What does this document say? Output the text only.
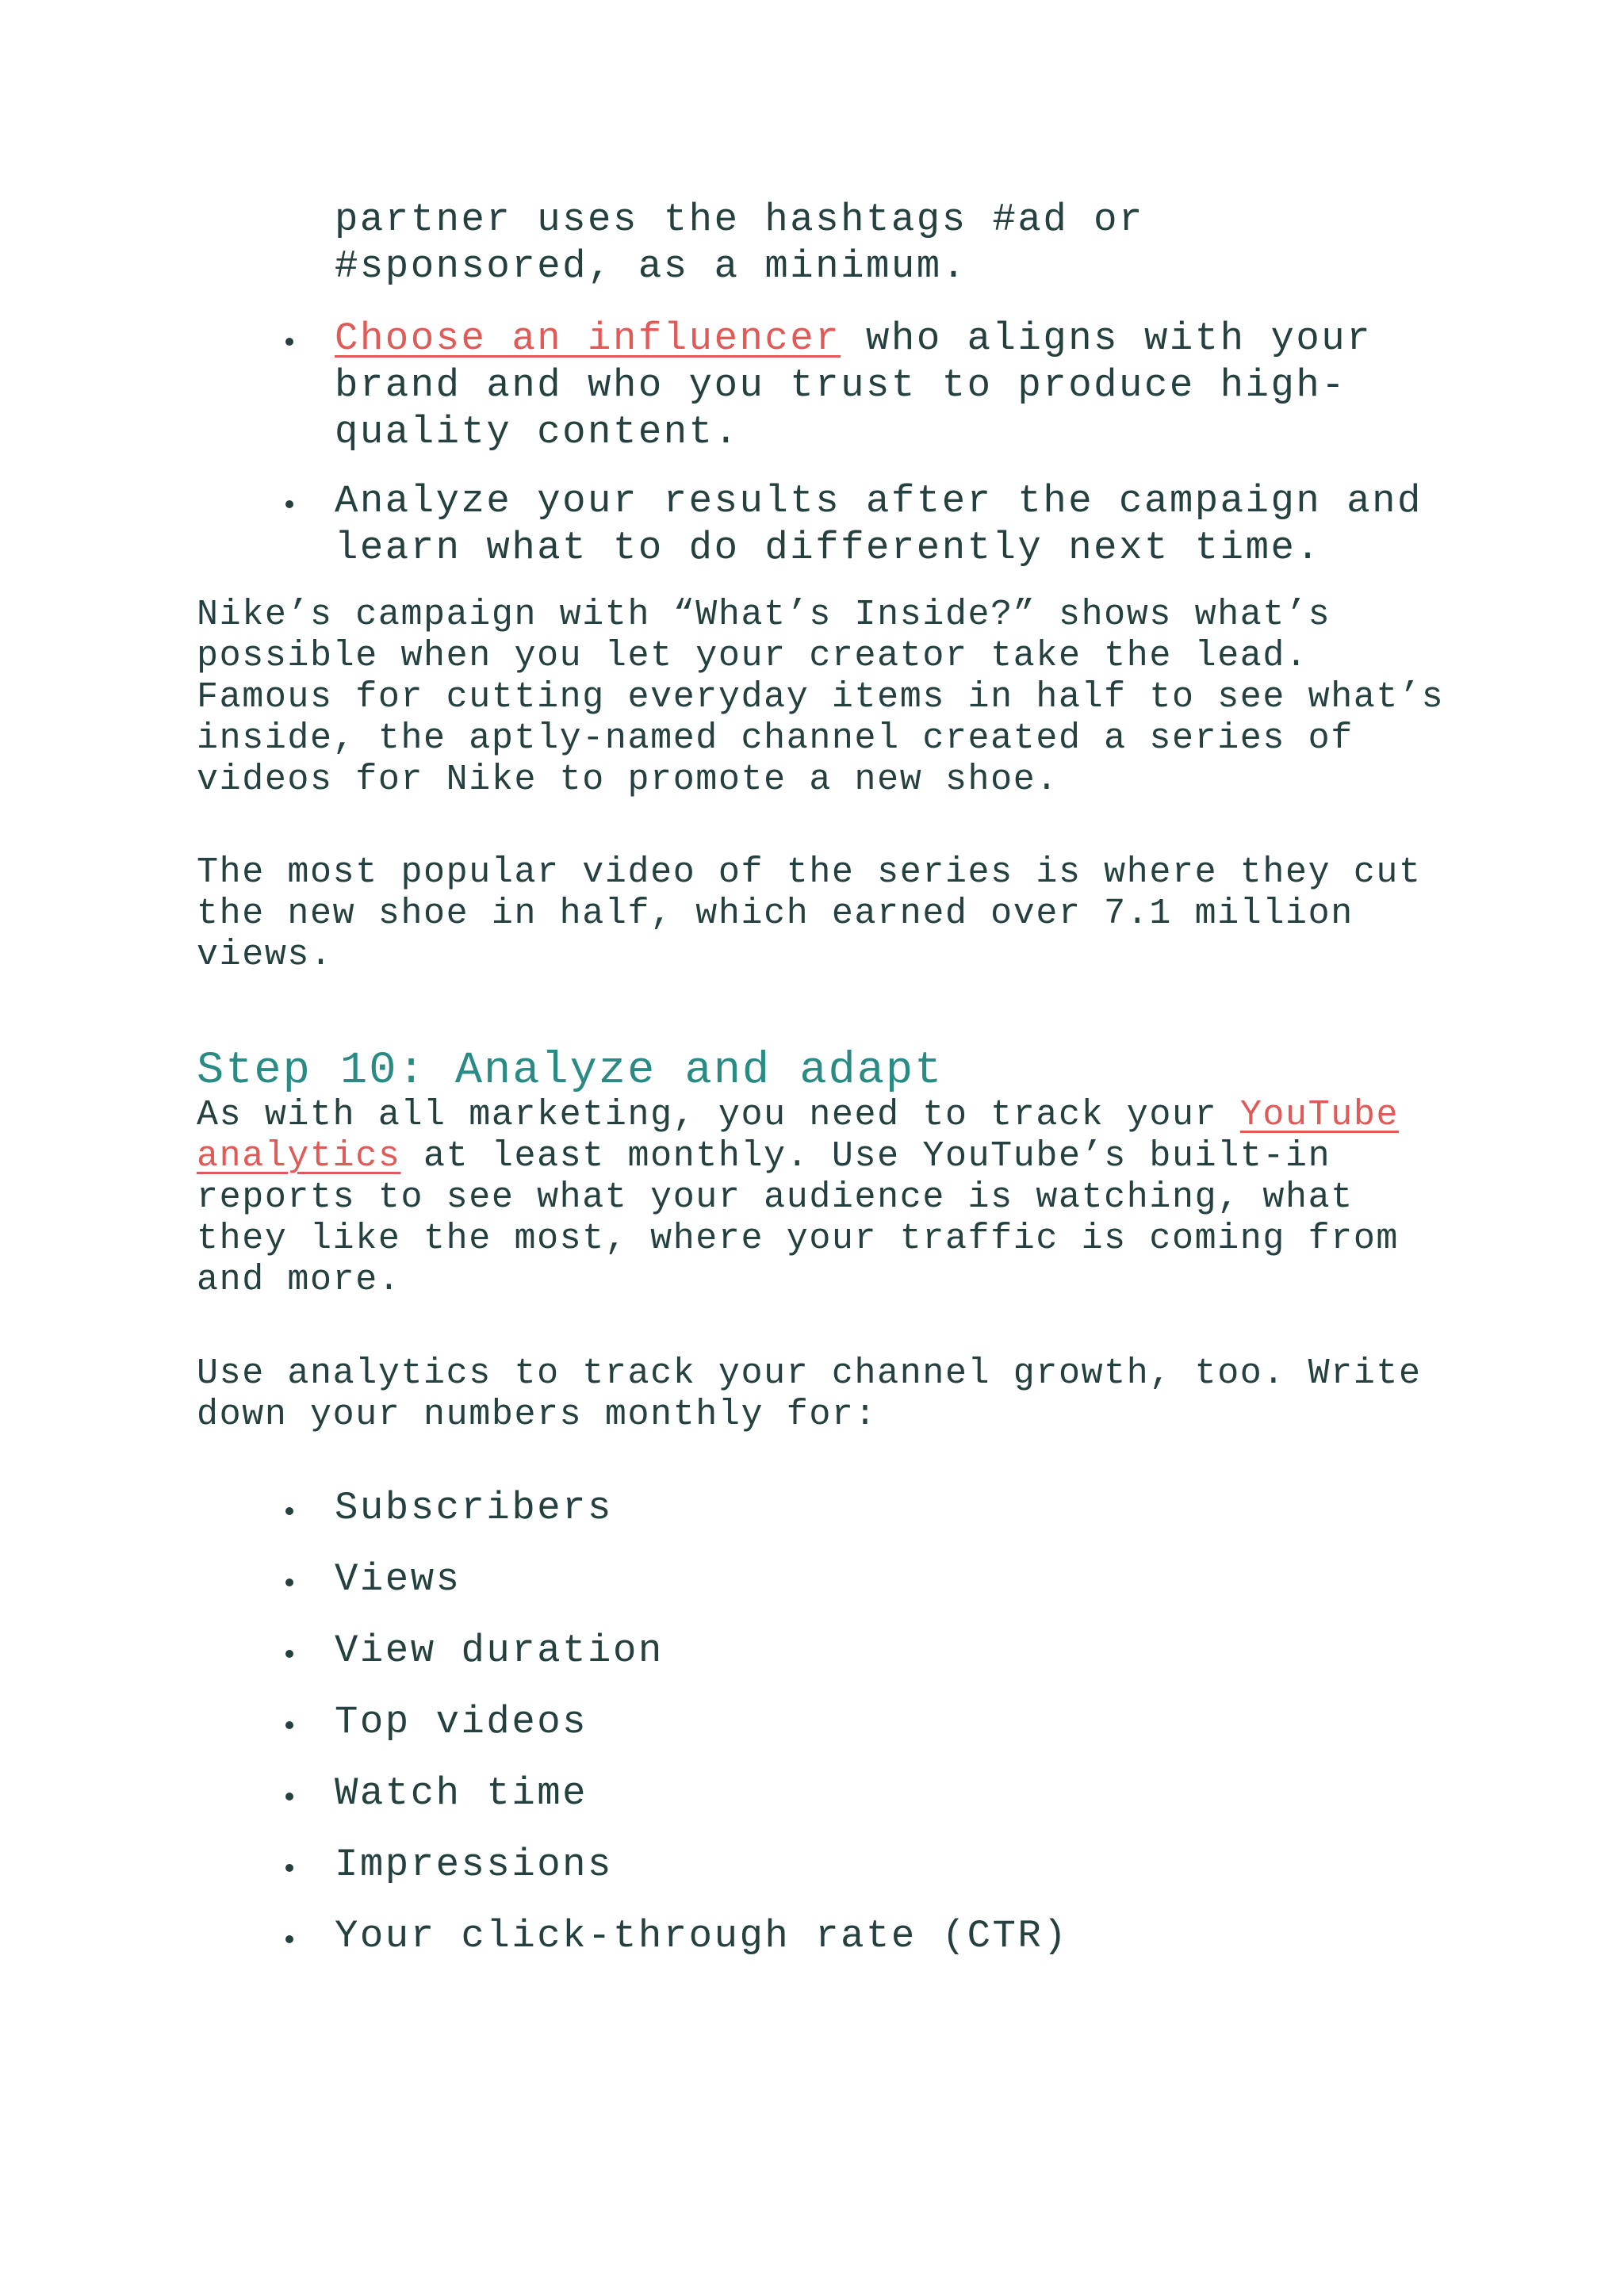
partner uses the hashtags #ad or #sponsored, as a minimum.

Choose an influencer who aligns with your brand and who you trust to produce high-quality content.
Analyze your results after the campaign and learn what to do differently next time.

Nike’s campaign with “What’s Inside?” shows what’s
possible when you let your creator take the lead.
Famous for cutting everyday items in half to see what’s
inside, the aptly-named channel created a series of
videos for Nike to promote a new shoe.

The most popular video of the series is where they cut
the new shoe in half, which earned over 7.1 million
views.

Step 10: Analyze and adapt

As with all marketing, you need to track your YouTube
analytics at least monthly. Use YouTube’s built-in
reports to see what your audience is watching, what
they like the most, where your traffic is coming from
and more.

Use analytics to track your channel growth, too. Write
down your numbers monthly for:

Subscribers
Views
View duration
Top videos
Watch time
Impressions
Your click-through rate (CTR)
